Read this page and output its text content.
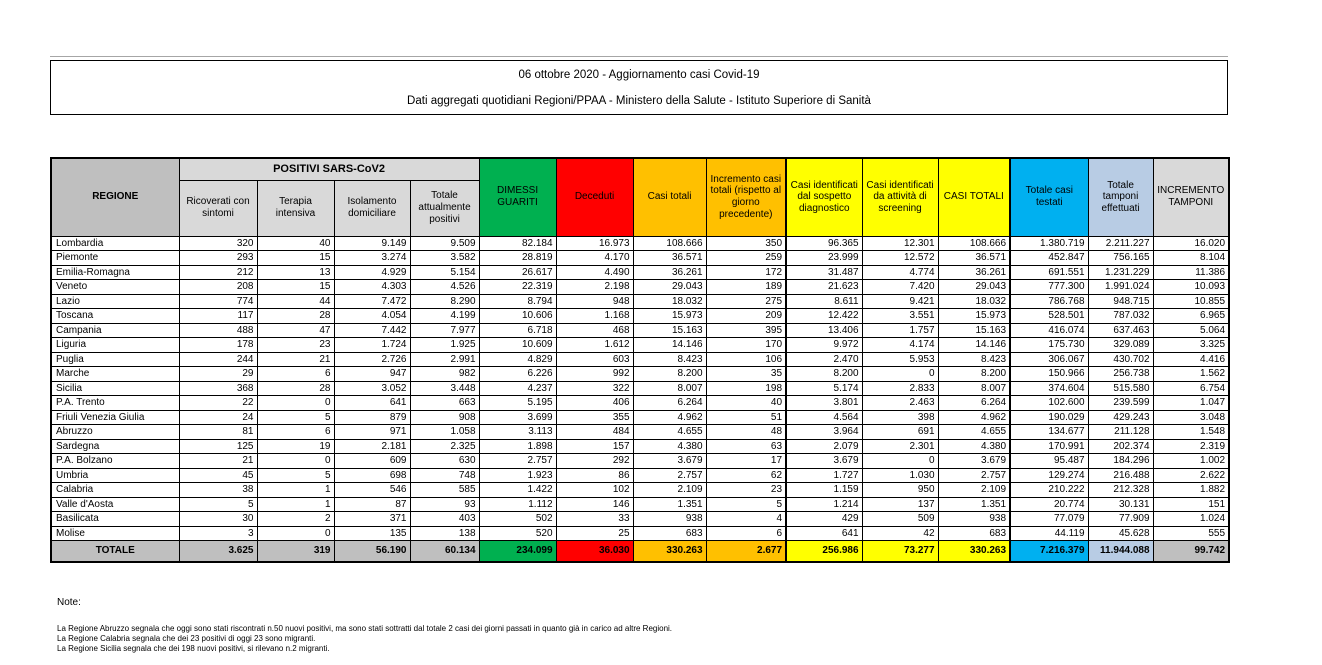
06 ottobre 2020 - Aggiornamento casi Covid-19
Dati aggregati quotidiani Regioni/PPAA - Ministero della Salute - Istituto Superiore di Sanità
REGIONE	POSITIVI SARS-CoV2				DIMESSI GUARITI	Deceduti	Casi totali	Incremento casi totali (rispetto al giorno precedente)	Casi identificati dal sospetto diagnostico	Casi identificati da attività di screening	CASI TOTALI	Totale casi testati	Totale tamponi effettuati	INCREMENTO TAMPONI
	Ricoverati con sintomi	Terapia intensiva	Isolamento domiciliare	Totale attualmente positivi										
Lombardia	320	40	9.149	9.509	82.184	16.973	108.666	350	96.365	12.301	108.666	1.380.719	2.211.227	16.020
Piemonte	293	15	3.274	3.582	28.819	4.170	36.571	259	23.999	12.572	36.571	452.847	756.165	8.104
Emilia-Romagna	212	13	4.929	5.154	26.617	4.490	36.261	172	31.487	4.774	36.261	691.551	1.231.229	11.386
Veneto	208	15	4.303	4.526	22.319	2.198	29.043	189	21.623	7.420	29.043	777.300	1.991.024	10.093
Lazio	774	44	7.472	8.290	8.794	948	18.032	275	8.611	9.421	18.032	786.768	948.715	10.855
Toscana	117	28	4.054	4.199	10.606	1.168	15.973	209	12.422	3.551	15.973	528.501	787.032	6.965
Campania	488	47	7.442	7.977	6.718	468	15.163	395	13.406	1.757	15.163	416.074	637.463	5.064
Liguria	178	23	1.724	1.925	10.609	1.612	14.146	170	9.972	4.174	14.146	175.730	329.089	3.325
Puglia	244	21	2.726	2.991	4.829	603	8.423	106	2.470	5.953	8.423	306.067	430.702	4.416
Marche	29	6	947	982	6.226	992	8.200	35	8.200	0	8.200	150.966	256.738	1.562
Sicilia	368	28	3.052	3.448	4.237	322	8.007	198	5.174	2.833	8.007	374.604	515.580	6.754
P.A. Trento	22	0	641	663	5.195	406	6.264	40	3.801	2.463	6.264	102.600	239.599	1.047
Friuli Venezia Giulia	24	5	879	908	3.699	355	4.962	51	4.564	398	4.962	190.029	429.243	3.048
Abruzzo	81	6	971	1.058	3.113	484	4.655	48	3.964	691	4.655	134.677	211.128	1.548
Sardegna	125	19	2.181	2.325	1.898	157	4.380	63	2.079	2.301	4.380	170.991	202.374	2.319
P.A. Bolzano	21	0	609	630	2.757	292	3.679	17	3.679	0	3.679	95.487	184.296	1.002
Umbria	45	5	698	748	1.923	86	2.757	62	1.727	1.030	2.757	129.274	216.488	2.622
Calabria	38	1	546	585	1.422	102	2.109	23	1.159	950	2.109	210.222	212.328	1.882
Valle d'Aosta	5	1	87	93	1.112	146	1.351	5	1.214	137	1.351	20.774	30.131	151
Basilicata	30	2	371	403	502	33	938	4	429	509	938	77.079	77.909	1.024
Molise	3	0	135	138	520	25	683	6	641	42	683	44.119	45.628	555
TOTALE	3.625	319	56.190	60.134	234.099	36.030	330.263	2.677	256.986	73.277	330.263	7.216.379	11.944.088	99.742
Note:
La Regione Abruzzo segnala che oggi sono stati riscontrati n.50 nuovi positivi, ma sono stati sottratti dal totale 2 casi dei giorni passati in quanto già in carico ad altre Regioni.
La Regione Calabria segnala che dei 23 positivi di oggi 23 sono migranti.
La Regione Sicilia segnala che dei 198 nuovi positivi, si rilevano n.2 migranti.
